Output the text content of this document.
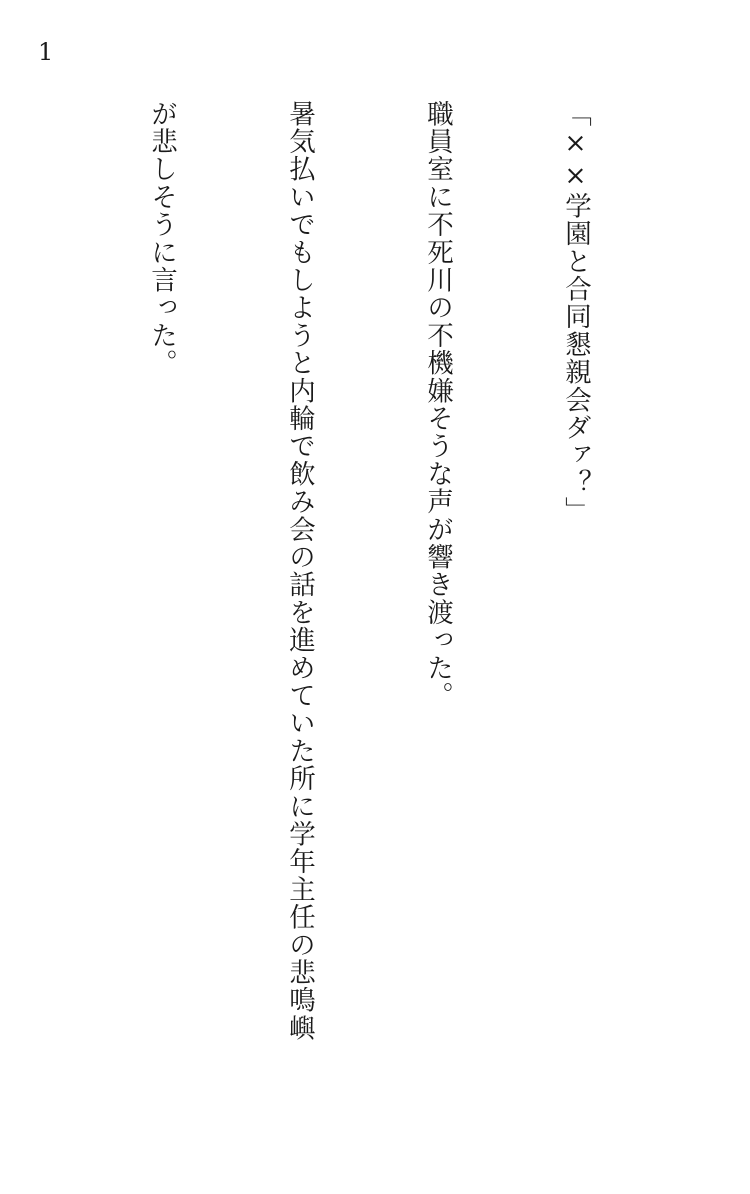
1

「××学園と合同懇親会ダァ？」

職員室に不死川の不機嫌そうな声が響き渡った。

暑気払いでもしようと内輪で飲み会の話を進めていた所に学年主任の悲鳴嶼

が悲しそうに言った。
